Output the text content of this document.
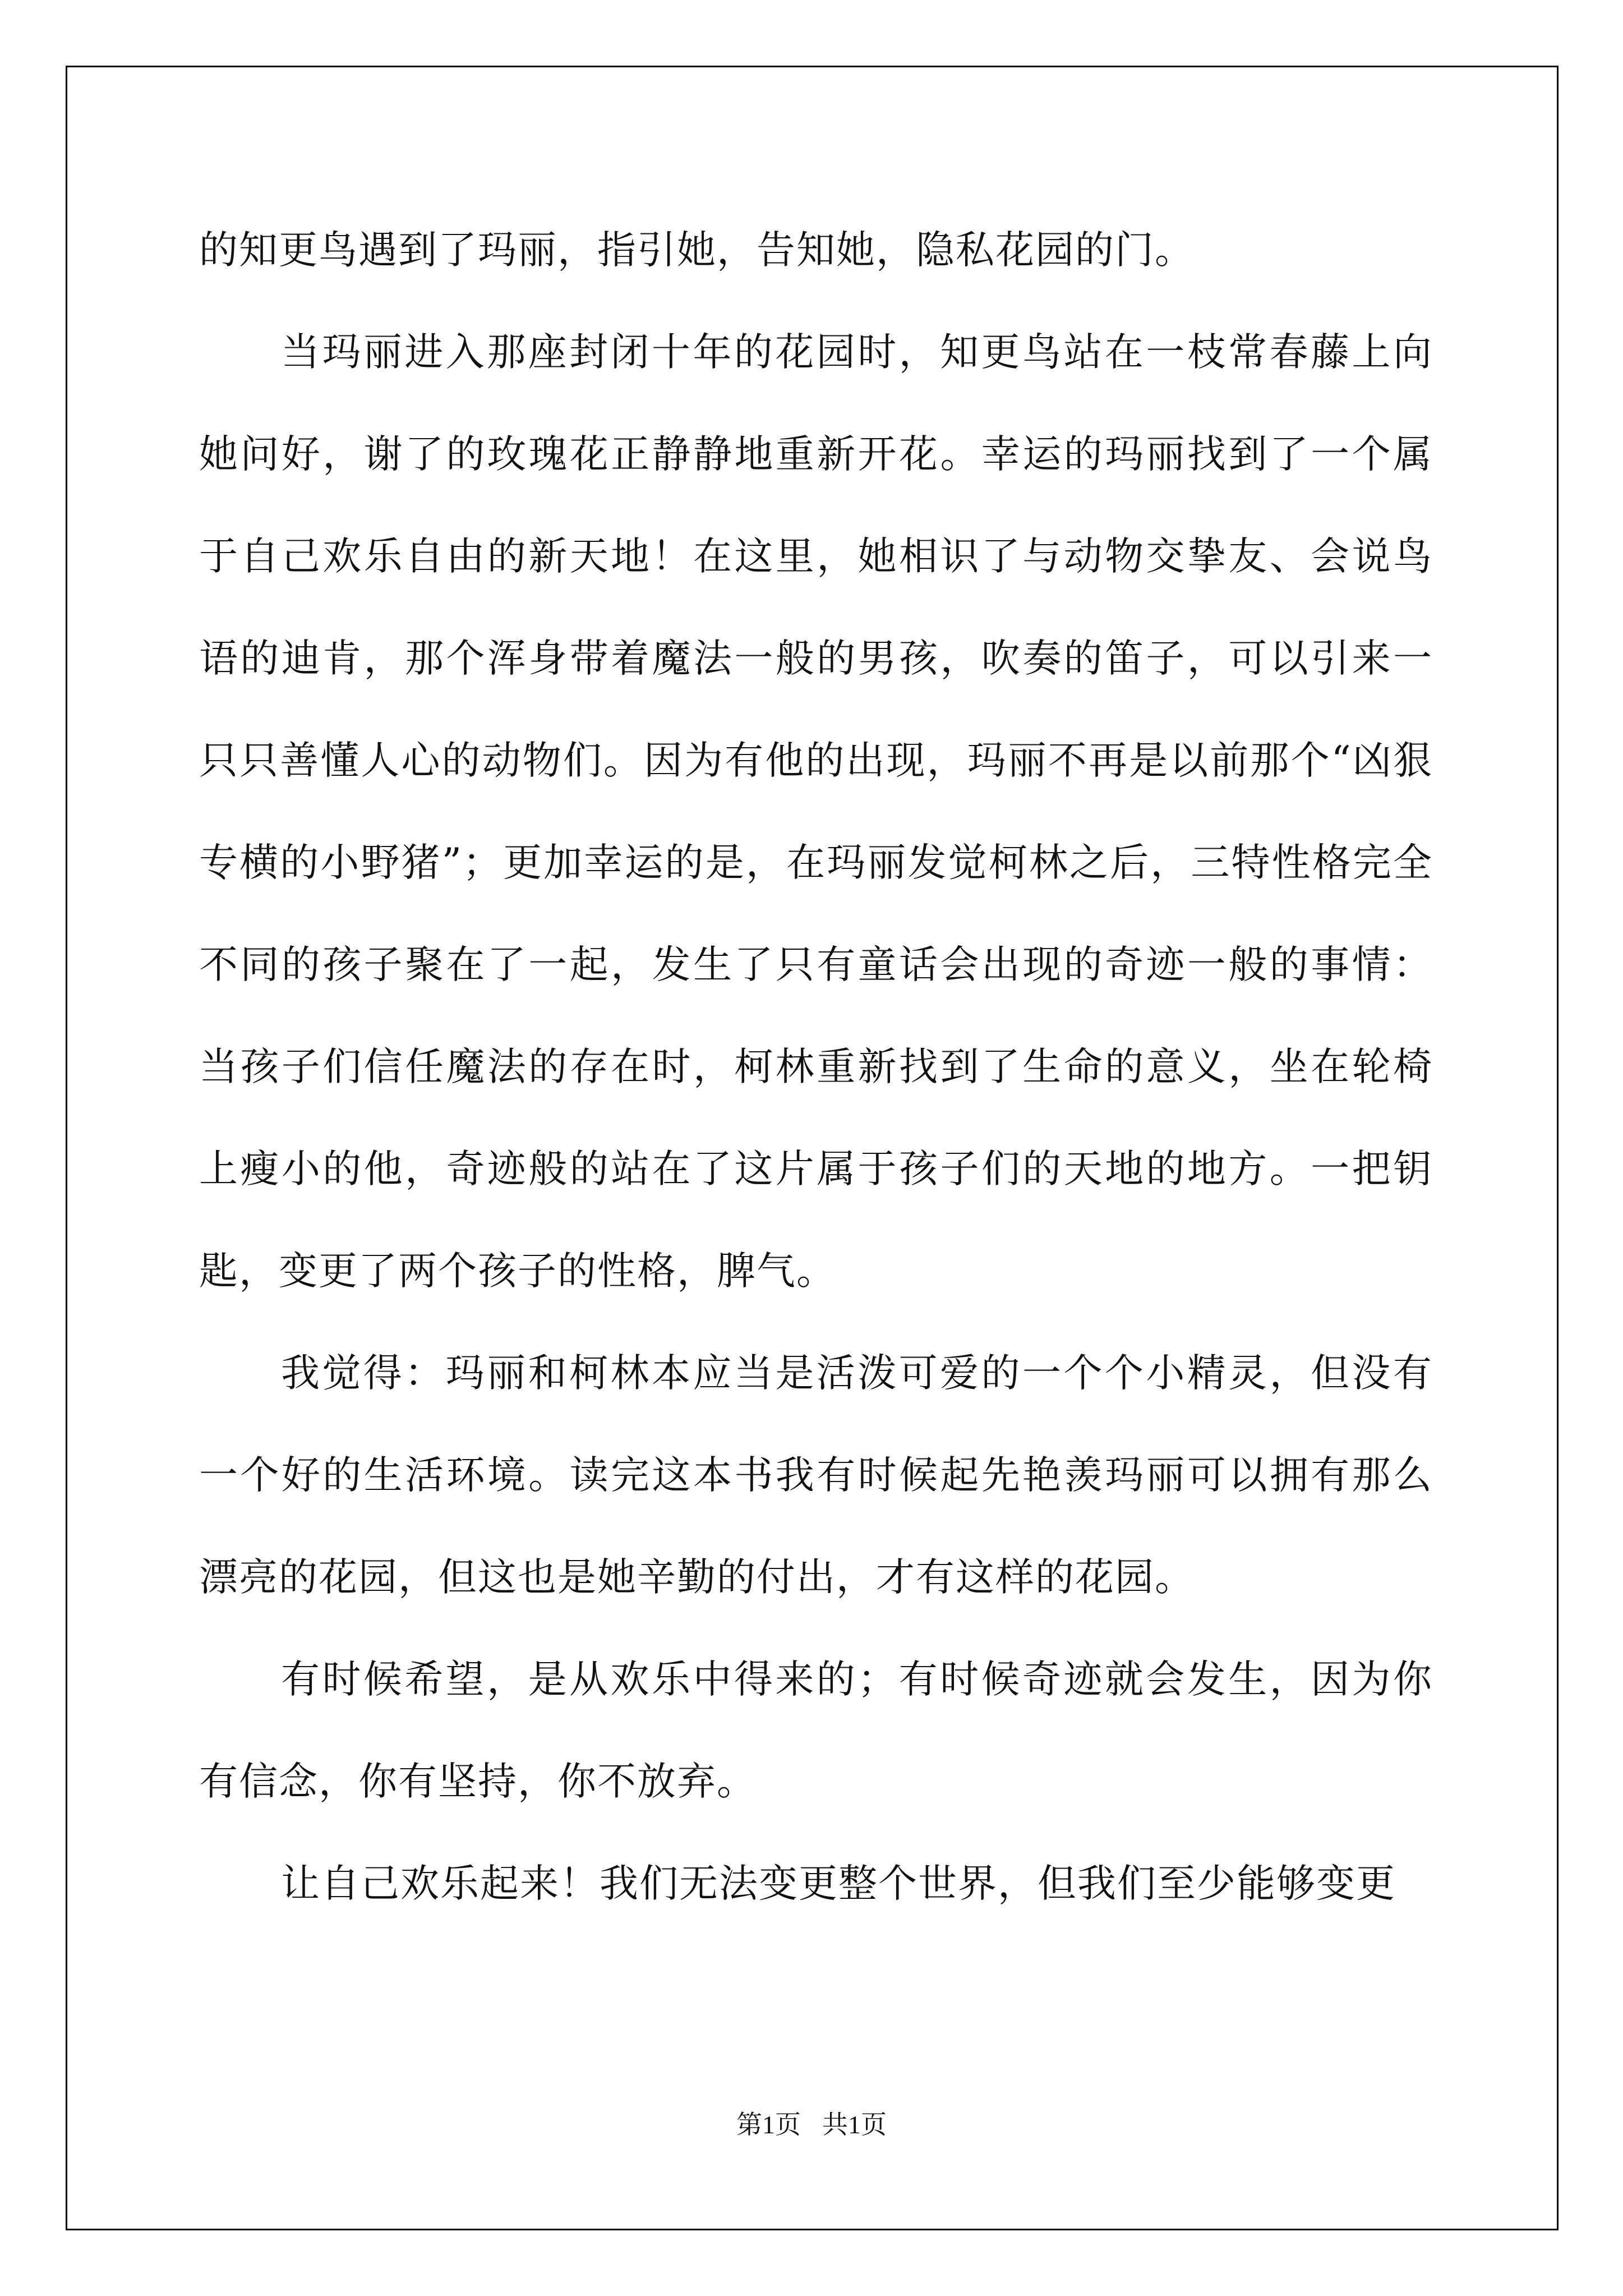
的知更鸟遇到了玛丽，指引她，告知她，隐私花园的门。

当玛丽进入那座封闭十年的花园时，知更鸟站在一枝常春藤上向她问好，谢了的玫瑰花正静静地重新开花。幸运的玛丽找到了一个属于自己欢乐自由的新天地！在这里，她相识了与动物交挚友、会说鸟语的迪肯，那个浑身带着魔法一般的男孩，吹奏的笛子，可以引来一只只善懂人心的动物们。因为有他的出现，玛丽不再是以前那个“凶狠专横的小野猪”；更加幸运的是，在玛丽发觉柯林之后，三特性格完全不同的孩子聚在了一起，发生了只有童话会出现的奇迹一般的事情：当孩子们信任魔法的存在时，柯林重新找到了生命的意义，坐在轮椅上瘦小的他，奇迹般的站在了这片属于孩子们的天地的地方。一把钥匙，变更了两个孩子的性格，脾气。

我觉得：玛丽和柯林本应当是活泼可爱的一个个小精灵，但没有一个好的生活环境。读完这本书我有时候起先艳羡玛丽可以拥有那么漂亮的花园，但这也是她辛勤的付出，才有这样的花园。

有时候希望，是从欢乐中得来的；有时候奇迹就会发生，因为你有信念，你有坚持，你不放弃。

让自己欢乐起来！我们无法变更整个世界，但我们至少能够变更

第1页 共1页
